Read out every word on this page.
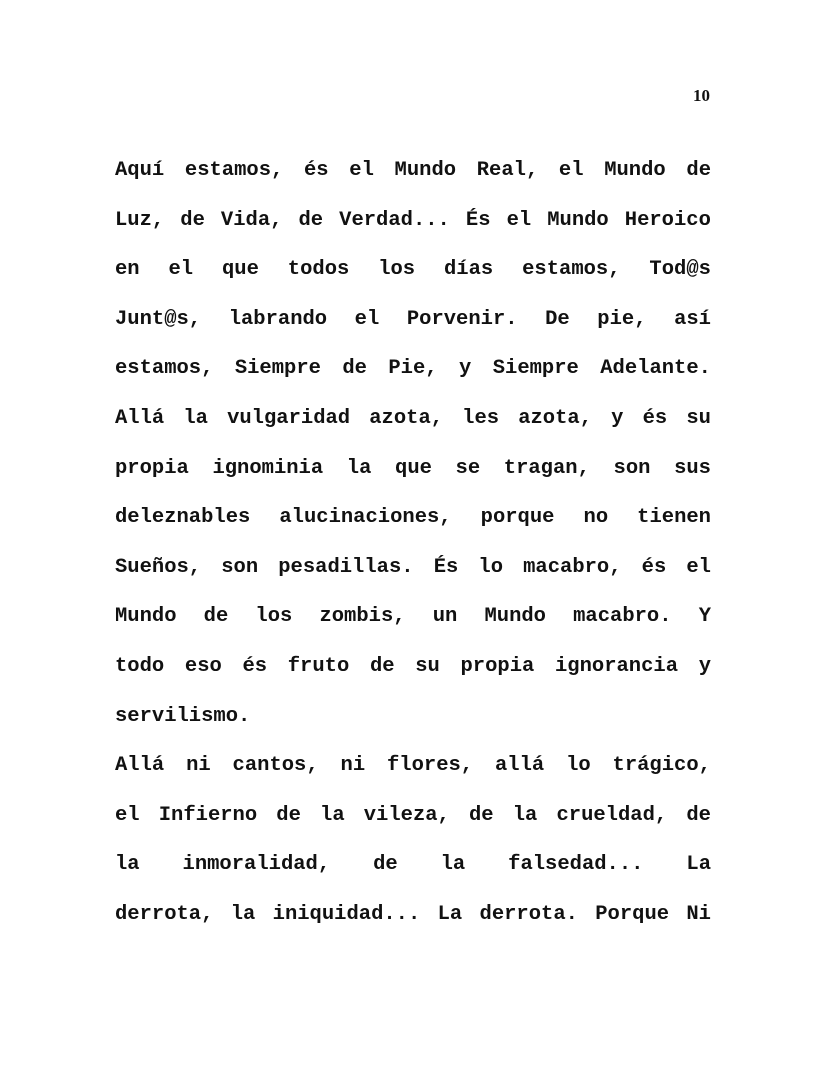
10
Aquí estamos, és el Mundo Real, el Mundo de
Luz, de Vida, de Verdad... És el Mundo Heroico
en el que todos los días estamos, Tod@s
Junt@s, labrando el Porvenir. De pie, así
estamos, Siempre de Pie, y Siempre Adelante.
Allá la vulgaridad azota, les azota, y és su
propia ignominia la que se tragan, son sus
deleznables alucinaciones, porque no tienen
Sueños, son pesadillas. És lo macabro, és el
Mundo de los zombis, un Mundo macabro. Y
todo eso és fruto de su propia ignorancia y
servilismo.
Allá ni cantos, ni flores, allá lo trágico,
el Infierno de la vileza, de la crueldad, de
la inmoralidad, de la falsedad... La
derrota, la iniquidad... La derrota. Porque Ni
